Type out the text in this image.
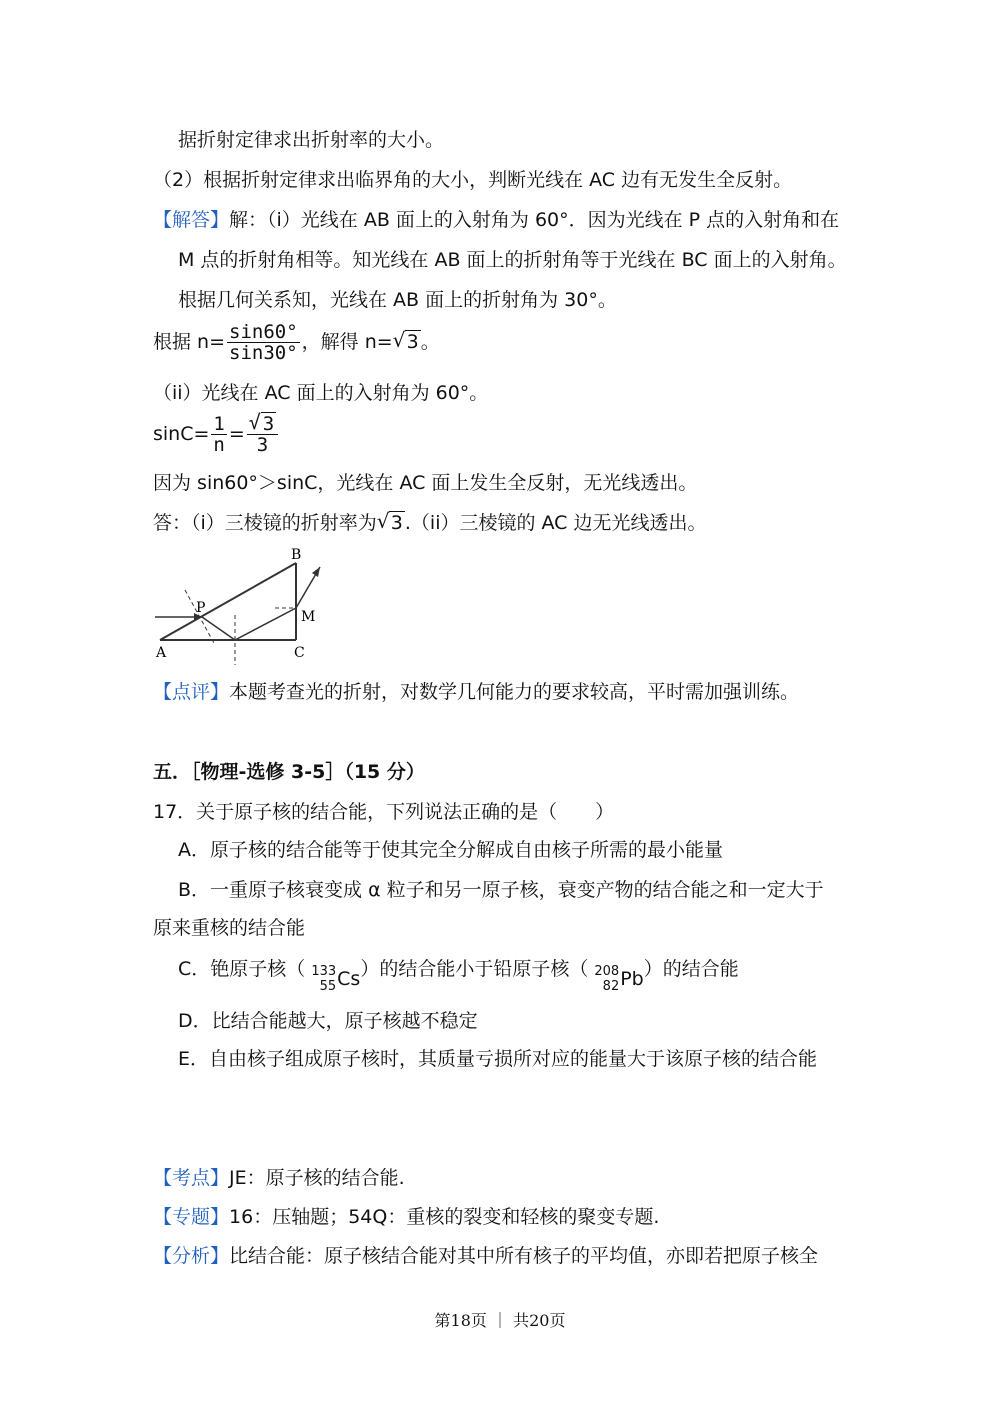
据折射定律求出折射率的大小。
（2）根据折射定律求出临界角的大小，判断光线在 AC 边有无发生全反射。
【解答】解：（i）光线在 AB 面上的入射角为 60°．因为光线在 P 点的入射角和在
M 点的折射角相等。知光线在 AB 面上的折射角等于光线在 BC 面上的入射角。
根据几何关系知，光线在 AB 面上的折射角为 30°。
根据 $n= \frac{\sin 60^\circ}{\sin 30^\circ}$ ，解得 n= √ 3 。
（ii）光线在 AC 面上的入射角为 60°。
$\sin C= \frac{1}{n} = \frac{√ 3}{3}$
因为 sin60°＞sinC，光线在 AC 面上发生全反射，无光线透出。
答：（i）三棱镜的折射率为 √ 3 .（ii）三棱镜的 AC 边无光线透出。
A
B
C
P
M
【点评】本题考查光的折射，对数学几何能力的要求较高，平时需加强训练。
五．［物理-选修 3-5］（15 分）
17．关于原子核的结合能，下列说法正确的是（　　）
A．原子核的结合能等于使其完全分解成自由核子所需的最小能量
B．一重原子核衰变成 α 粒子和另一原子核，衰变产物的结合能之和一定大于
原来重核的结合能
C．铯原子核（ 133
55 Cs ）的结合能小于铅原子核（ 208
82 Pb ）的结合能
D．比结合能越大，原子核越不稳定
E．自由核子组成原子核时，其质量亏损所对应的能量大于该原子核的结合能
【考点】JE：原子核的结合能.
【专题】16：压轴题；54Q：重核的裂变和轻核的聚变专题.
【分析】比结合能：原子核结合能对其中所有核子的平均值，亦即若把原子核全
第18页 ｜ 共20页
